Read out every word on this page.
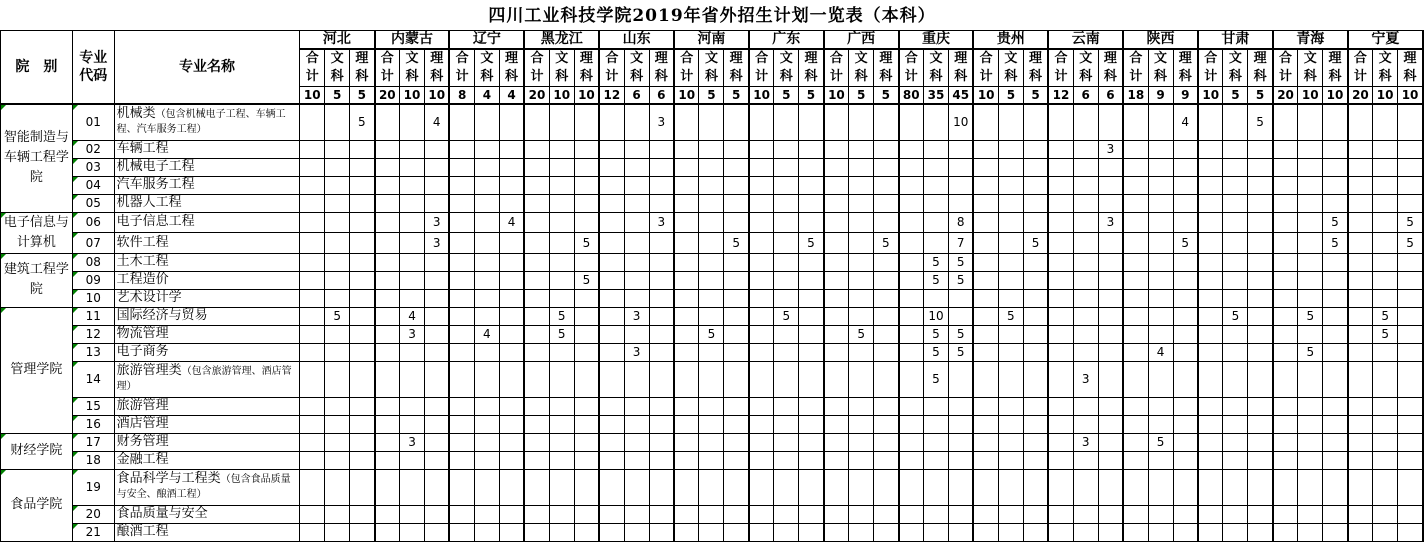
四川工业科技学院2019年省外招生计划一览表（本科）
院　别	专业代码	专业名称	河北			内蒙古			辽宁			黑龙江			山东			河南			广东			广西			重庆			贵州			云南			陕西			甘肃			青海			宁夏		
			合计	文科	理科	合计	文科	理科	合计	文科	理科	合计	文科	理科	合计	文科	理科	合计	文科	理科	合计	文科	理科	合计	文科	理科	合计	文科	理科	合计	文科	理科	合计	文科	理科	合计	文科	理科	合计	文科	理科	合计	文科	理科	合计	文科	理科
			10	5	5	20	10	10	8	4	4	20	10	10	12	6	6	10	5	5	10	5	5	10	5	5	80	35	45	10	5	5	12	6	6	18	9	9	10	5	5	20	10	10	20	10	10
智能制造与车辆工程学院	01	机械类（包含机械电子工程、车辆工程、汽车服务工程）			5			4									3												10									4			5						
	02	车辆工程																																	3												
	03	机械电子工程																																													
	04	汽车服务工程																																													
	05	机器人工程																																													
电子信息与计算机	06	电子信息工程						3			4						3												8						3									5			5
	07	软件工程						3						5						5			5			5			7			5						5						5			5
建筑工程学院	08	土木工程																										5	5																		
	09	工程造价												5														5	5																		
	10	艺术设计学																																													
管理学院	11	国际经济与贸易		5			4						5			3						5						10			5									5			5			5	
	12	物流管理					3			4			5						5						5			5	5																	5	
	13	电子商务														3												5	5								4						5				
	14	旅游管理类（包含旅游管理、酒店管理）																										5						3													
	15	旅游管理																																													
	16	酒店管理																																													
财经学院	17	财务管理					3																											3			5										
	18	金融工程																																													
食品学院	19	食品科学与工程类（包含食品质量与安全、酿酒工程）																																													
	20	食品质量与安全																																													
	21	酿酒工程																																													
